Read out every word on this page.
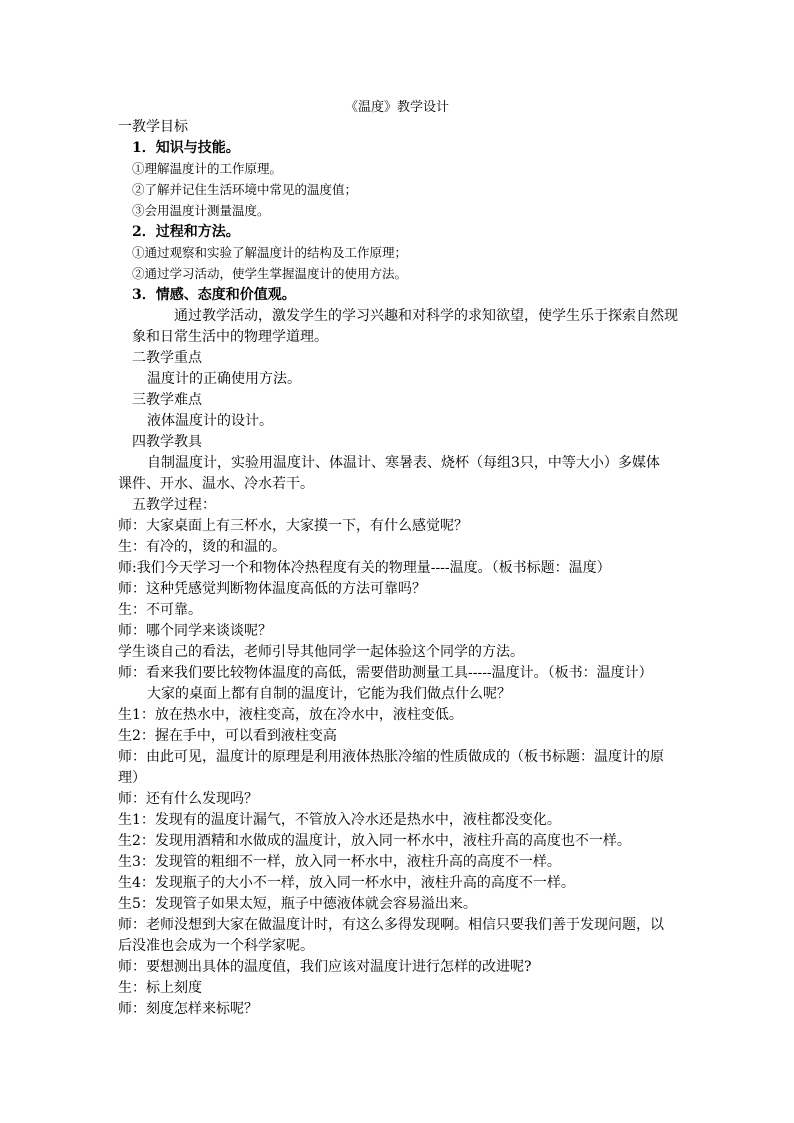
《温度》教学设计
一教学目标
1．知识与技能。
①理解温度计的工作原理。
②了解并记住生活环境中常见的温度值；
③会用温度计测量温度。
2．过程和方法。
①通过观察和实验了解温度计的结构及工作原理；
②通过学习活动，使学生掌握温度计的使用方法。
3．情感、态度和价值观。
通过教学活动，激发学生的学习兴趣和对科学的求知欲望，使学生乐于探索自然现
象和日常生活中的物理学道理。
二教学重点
温度计的正确使用方法。
三教学难点
液体温度计的设计。
四教学教具
自制温度计，实验用温度计、体温计、寒暑表、烧杯（每组3只，中等大小）多媒体
课件、开水、温水、冷水若干。
五教学过程：
师：大家桌面上有三杯水，大家摸一下，有什么感觉呢？
生：有冷的，烫的和温的。
师:我们今天学习一个和物体冷热程度有关的物理量----温度。（板书标题：温度）
师：这种凭感觉判断物体温度高低的方法可靠吗？
生：不可靠。
师：哪个同学来谈谈呢？
学生谈自己的看法，老师引导其他同学一起体验这个同学的方法。
师：看来我们要比较物体温度的高低，需要借助测量工具-----温度计。（板书：温度计）
大家的桌面上都有自制的温度计，它能为我们做点什么呢？
生1：放在热水中，液柱变高，放在冷水中，液柱变低。
生2：握在手中，可以看到液柱变高
师：由此可见，温度计的原理是利用液体热胀冷缩的性质做成的（板书标题：温度计的原
理）
师：还有什么发现吗？
生1：发现有的温度计漏气，不管放入冷水还是热水中，液柱都没变化。
生2：发现用酒精和水做成的温度计，放入同一杯水中，液柱升高的高度也不一样。
生3：发现管的粗细不一样，放入同一杯水中，液柱升高的高度不一样。
生4：发现瓶子的大小不一样，放入同一杯水中，液柱升高的高度不一样。
生5：发现管子如果太短，瓶子中德液体就会容易溢出来。
师：老师没想到大家在做温度计时，有这么多得发现啊。相信只要我们善于发现问题，以
后没准也会成为一个科学家呢。
师：要想测出具体的温度值，我们应该对温度计进行怎样的改进呢?
生：标上刻度
师：刻度怎样来标呢？
